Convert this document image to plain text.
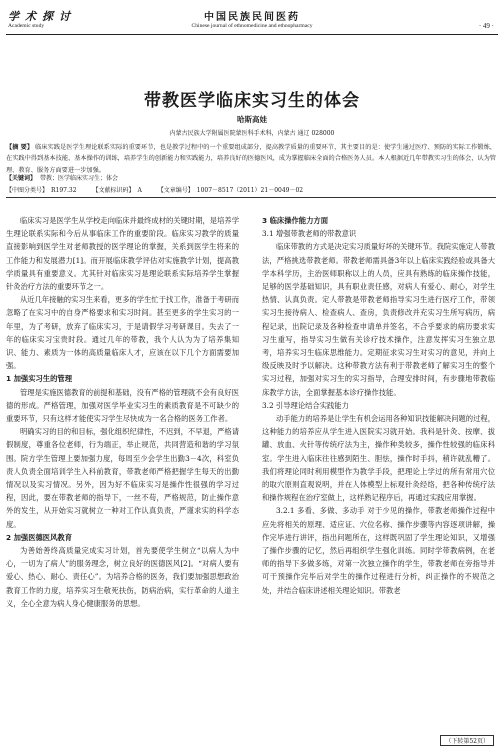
学术探讨
Academic study
中国民族民间医药
Chinese journal of ethnomedicine and ethnopharmacy	· 49 ·
带教医学临床实习生的体会
哈斯高娃
内蒙古民族大学附属医院蒙医科手术科，内蒙古 通辽 028000
【摘 要】 临床实践是医学生理论联系实际的重要环节，也是教学过程中的一个重要组成部分，提高教学质量的重要环节，其主要目的是：使学生通过医疗、预防的实际工作锻炼，在实践中得到基本技能、基本操作的训练，培养学生的创新能力和实践能力，培养良好的医德医风，成为掌握临床全面的合格医务人员。本人根据近几年带教实习生的体会，认为管理、教育、服务方面要进一步加强。
【关键词】 带教；医学临床实习生；体会
【中图分类号】 R197.32	【文献标识码】 A	【文章编号】 1007－8517（2011）21－0049－02

临床实习是医学生从学校走向临床并最终成材的关键时期，是培养学生理论联系实际和今后从事临床工作的重要阶段。临床实习教学的质量直接影响到医学生对老师教授的医学理论的掌握，关系到医学生将来的工作能力和发展潜力[1]。而开展临床教学评估对实施教学计划，提高教学质量具有重要意义。尤其针对临床实习是理论联系实际培养学生掌握针灸治疗方法的重要环节之一。

从近几年接触的实习生来看，更多的学生忙于找工作，准备于考研而忽略了在实习中的自身严格要求和实习时间。甚至更多的学生实习的一年里，为了考研，放弃了临床实习，于是请假学习考研课目。失去了一年的临床实习宝贵时段。通过几年的带教，我个人认为为了培养集知识、能力、素质为一体的高质量临床人才，应该在以下几个方面需要加强。

1 加强实习生的管理

管理是实施医德教育的前提和基础，没有严格的管理就不会有良好医德的形成。严格管理，加强对医学毕业实习生的素质教育是不可缺少的重要环节，只有这样才能使实习学生尽快成为一名合格的医务工作者。

明确实习的目的和目标，强化组织纪律性，不迟到，不早退，严格请假制度，尊重各位老师，行为端正，举止规范，共同营造和谐的学习氛围。院方学生管理上要加强力度，每周至少会学生出勤3－4次，科室负责人负责全面培训学生入科前教育，带教老师严格把握学生每天的出勤情况以及实习情况。另外，因为好不临床实习是操作性很强的学习过程，因此，要在带教老师的指导下，一丝不苟，严格规范，防止操作意外的发生，从开始实习就树立一种对工作认真负责，严谨求实的科学态度。

2 加强医德医风教育

为善始善终高质量完成实习计划，首先要使学生树立“以病人为中心，一切为了病人”的服务理念，树立良好的医德医风[2]。“对病人要有爱心、热心、耐心、责任心”。为培养合格的医务，我们要加强思想政治教育工作的力度，培养实习生敬死扶伤，防病治病，实行革命的人道主义，全心全意为病人身心健康服务的思想。

3 临床操作能力方面
3.1 增强带教老师的带教意识

临床带教的方式是决定实习质量好坏的关键环节。我院实施定人带教法，严格挑选带教老师。带教老师需具备3年以上临床实践经验或具备大学本科学历，主治医师职称以上的人员，应具有熟练的临床操作技能，足够的医学基础知识，具有职业责任感，对病人有爱心、耐心，对学生热情、认真负责。定人带教是带教老师指导实习生进行医疗工作，带领实习生接待病人、检查病人、查房，负责修改并充实习生所写病历，病程记录，出院记录及各种检查申请单并签名，不合乎要求的病历要求实习生重写，指导实习生做有关诊疗技术操作，注意发挥实习生独立思考，培养实习生临床思维能力。定期征求实习生对实习的意见，并向上级反映及时予以解决。这种带教方法有利于带教老师了解实习生的整个实习过程，加强对实习生的实习指导，合理安排时间，有步骤地带教临床教学方法，全面掌握基本诊疗操作技能。

3.2 引导理论结合实践能力

动手能力的培养是让学生有机会运用各种知识技能解决问题的过程，这种能力的培养应从学生进入医院实习就开始。我科是针灸、按摩、拔罐、放血、火针等传统疗法为主，操作种类较多，操作性较强的临床科室。学生进入临床往往感到陌生、胆怯，操作时手抖，稍许就乱糟了。我们将理论同时利用模型作为教学手段，把理论上学过的所有常用穴位的取穴原则直观说明，并在人体模型上标观针灸经络，把各种传统疗法和操作规程在治疗室做上，这样熟记程序后，再通过实践应用掌握。

3.2.1 多看、多做、多动手 对于少见的操作，带教老师操作过程中应先将相关的原理、适应证、穴位名称、操作步骤等内容逐项讲解，操作完毕进行讲评，指出问题所在，这样既巩固了学生理论知识，又增强了操作步骤的记忆，然后再组织学生强化训练。同时学带教病例，在老师的指导下多做多练，对第一次独立操作的学生，带教老师在旁指导并可干预操作完毕后对学生的操作过程进行分析，纠正操作的不规范之处，并结合临床讲述相关理论知识。带教老

（下转第52页）
